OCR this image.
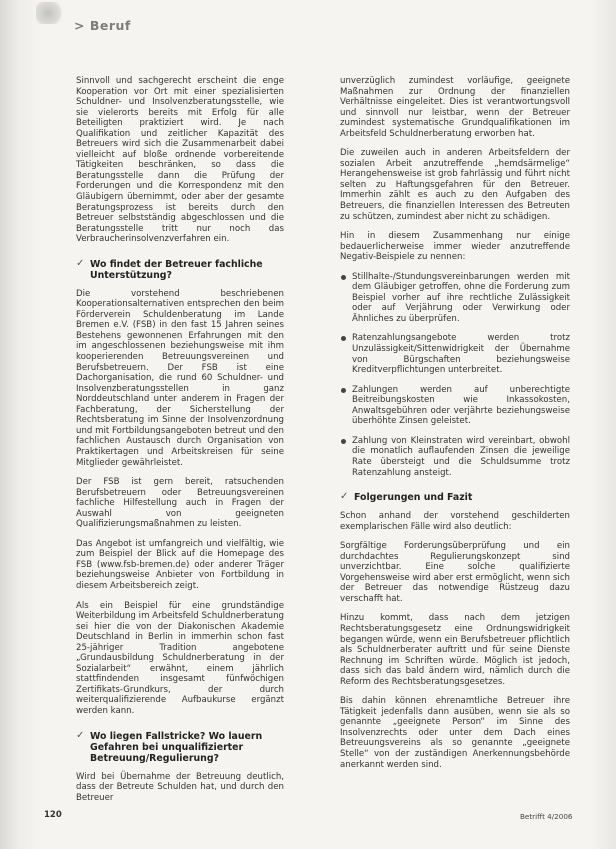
> Beruf

Sinnvoll und sachgerecht erscheint die enge Kooperation vor Ort mit einer spezialisierten Schuldner- und Insolvenzberatungsstelle, wie sie vielerorts bereits mit Erfolg für alle Beteiligten praktiziert wird. Je nach Qualifikation und zeitlicher Kapazität des Betreuers wird sich die Zusammenarbeit dabei vielleicht auf bloße ordnende vorbereitende Tätigkeiten beschränken, so dass die Beratungsstelle dann die Prüfung der Forderungen und die Korrespondenz mit den Gläubigern übernimmt, oder aber der gesamte Beratungsprozess ist bereits durch den Betreuer selbstständig abgeschlossen und die Beratungsstelle tritt nur noch das Verbraucherinsolvenzverfahren ein.

✓ Wo findet der Betreuer fachliche Unterstützung?

Die vorstehend beschriebenen Kooperationsalternativen entsprechen den beim Förderverein Schuldenberatung im Lande Bremen e.V. (FSB) in den fast 15 Jahren seines Bestehens gewonnenen Erfahrungen mit den im angeschlossenen beziehungsweise mit ihm kooperierenden Betreuungsvereinen und Berufsbetreuern. Der FSB ist eine Dachorganisation, die rund 60 Schuldner- und Insolvenzberatungsstellen in ganz Norddeutschland unter anderem in Fragen der Fachberatung, der Sicherstellung der Rechtsberatung im Sinne der Insolvenzordnung und mit Fortbildungsangeboten betreut und den fachlichen Austausch durch Organisation von Praktikertagen und Arbeitskreisen für seine Mitglieder gewährleistet.

Der FSB ist gern bereit, ratsuchenden Berufsbetreuern oder Betreuungsvereinen fachliche Hilfestellung auch in Fragen der Auswahl von geeigneten Qualifizierungsmaßnahmen zu leisten.

Das Angebot ist umfangreich und vielfältig, wie zum Beispiel der Blick auf die Homepage des FSB (www.fsb-bremen.de) oder anderer Träger beziehungsweise Anbieter von Fortbildung in diesem Arbeitsbereich zeigt.

Als ein Beispiel für eine grundständige Weiterbildung im Arbeitsfeld Schuldnerberatung sei hier die von der Diakonischen Akademie Deutschland in Berlin in immerhin schon fast 25-jähriger Tradition angebotene „Grundausbildung Schuldnerberatung in der Sozialarbeit“ erwähnt, einem jährlich stattfindenden insgesamt fünfwöchigen Zertifikats-Grundkurs, der durch weiterqualifizierende Aufbaukurse ergänzt werden kann.

✓ Wo liegen Fallstricke? Wo lauern Gefahren bei unqualifizierter Betreuung/Regulierung?

Wird bei Übernahme der Betreuung deutlich, dass der Betreute Schulden hat, und durch den Betreuer

unverzüglich zumindest vorläufige, geeignete Maßnahmen zur Ordnung der finanziellen Verhältnisse eingeleitet. Dies ist verantwortungsvoll und sinnvoll nur leistbar, wenn der Betreuer zumindest systematische Grundqualifikationen im Arbeitsfeld Schuldnerberatung erworben hat.

Die zuweilen auch in anderen Arbeitsfeldern der sozialen Arbeit anzutreffende „hemdsärmelige“ Herangehensweise ist grob fahrlässig und führt nicht selten zu Haftungsgefahren für den Betreuer. Immerhin zählt es auch zu den Aufgaben des Betreuers, die finanziellen Interessen des Betreuten zu schützen, zumindest aber nicht zu schädigen.

Hin in diesem Zusammenhang nur einige bedauerlicherweise immer wieder anzutreffende Negativ-Beispiele zu nennen:

Stillhalte-/Stundungsvereinbarungen werden mit dem Gläubiger getroffen, ohne die Forderung zum Beispiel vorher auf ihre rechtliche Zulässigkeit oder auf Verjährung oder Verwirkung oder Ähnliches zu überprüfen.
Ratenzahlungsangebote werden trotz Unzulässigkeit/Sittenwidrigkeit der Übernahme von Bürgschaften beziehungsweise Kreditverpflichtungen unterbreitet.
Zahlungen werden auf unberechtigte Beitreibungskosten wie Inkassokosten, Anwaltsgebühren oder verjährte beziehungsweise überhöhte Zinsen geleistet.
Zahlung von Kleinstraten wird vereinbart, obwohl die monatlich auflaufenden Zinsen die jeweilige Rate übersteigt und die Schuldsumme trotz Ratenzahlung ansteigt.
✓ Folgerungen und Fazit

Schon anhand der vorstehend geschilderten exemplarischen Fälle wird also deutlich:

Sorgfältige Forderungsüberprüfung und ein durchdachtes Regulierungskonzept sind unverzichtbar. Eine solche qualifizierte Vorgehensweise wird aber erst ermöglicht, wenn sich der Betreuer das notwendige Rüstzeug dazu verschafft hat.

Hinzu kommt, dass nach dem jetzigen Rechtsberatungsgesetz eine Ordnungswidrigkeit begangen würde, wenn ein Berufsbetreuer pflichtlich als Schuldnerberater auftritt und für seine Dienste Rechnung im Schriften würde. Möglich ist jedoch, dass sich das bald ändern wird, nämlich durch die Reform des Rechtsberatungsgesetzes.

Bis dahin können ehrenamtliche Betreuer ihre Tätigkeit jedenfalls dann ausüben, wenn sie als so genannte „geeignete Person“ im Sinne des Insolvenzrechts oder unter dem Dach eines Betreuungsvereins als so genannte „geeignete Stelle“ von der zuständigen Anerkennungsbehörde anerkannt werden sind.

120	Betrifft 4/2006
